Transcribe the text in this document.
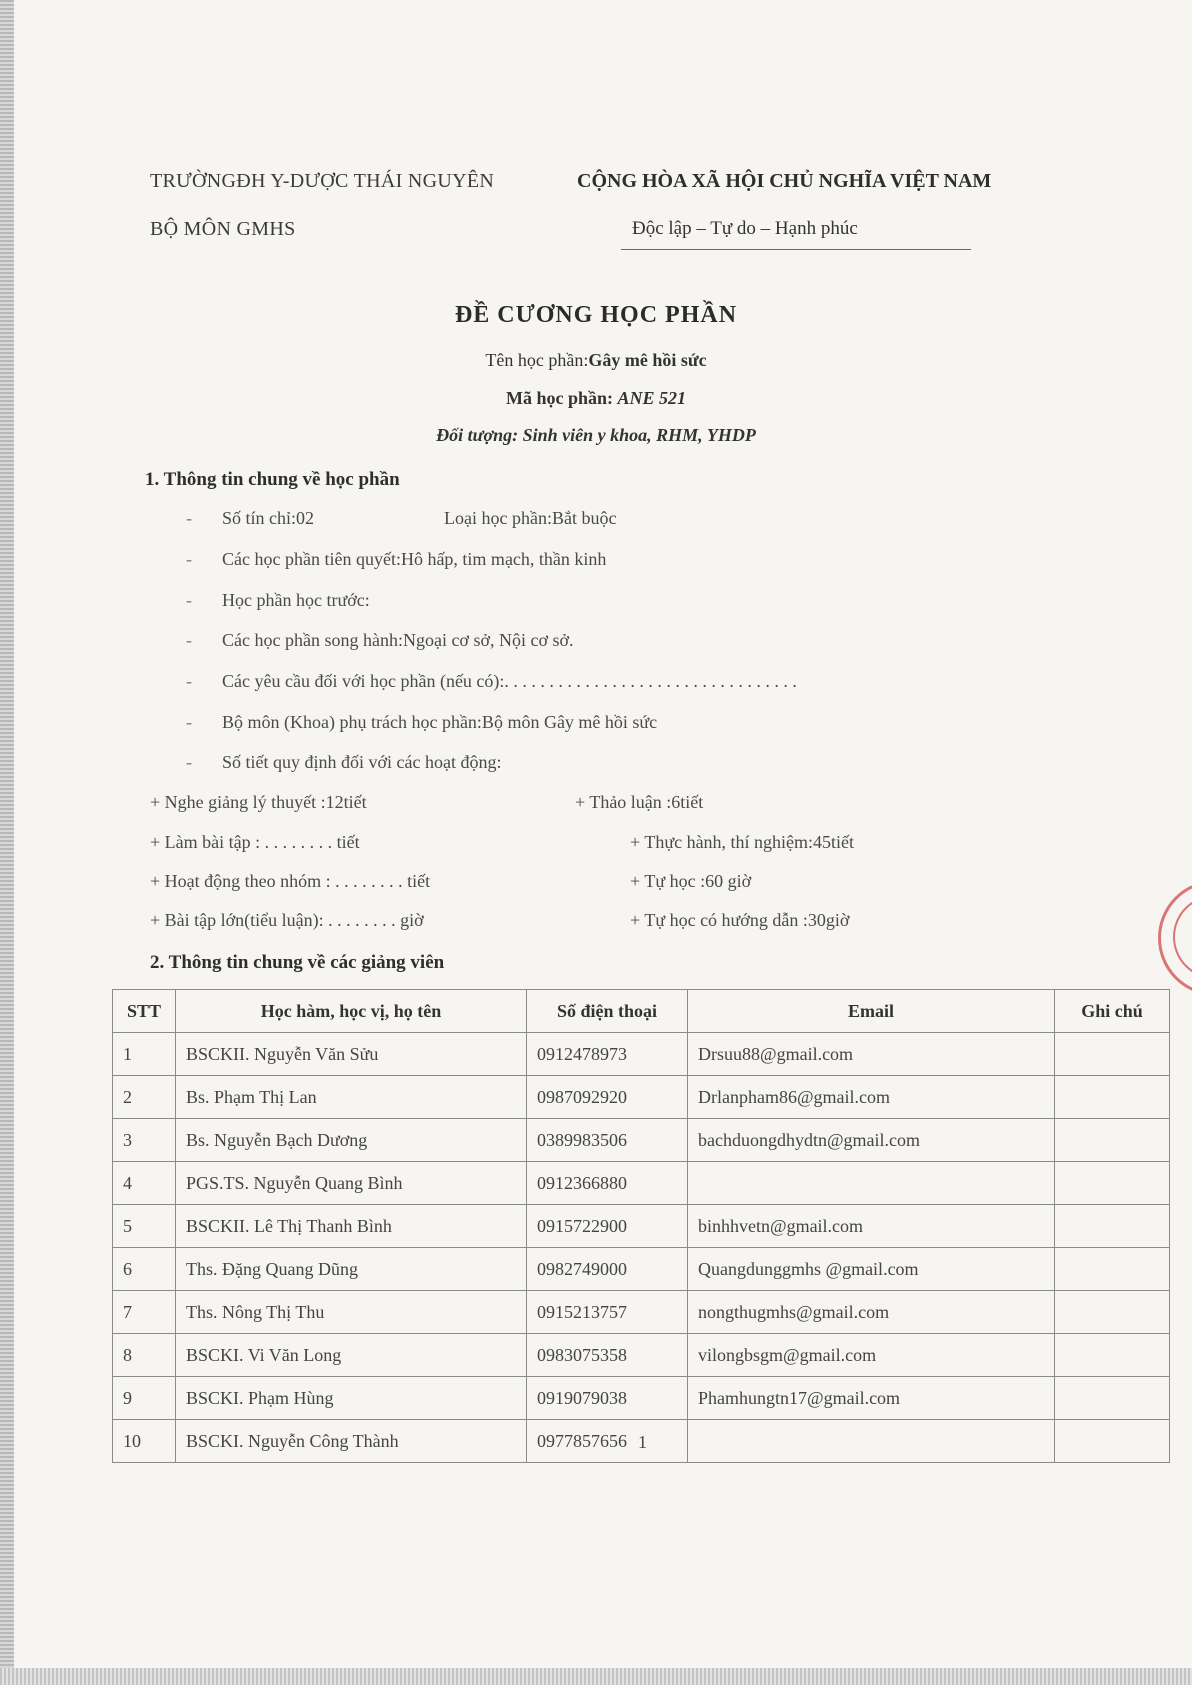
TRƯỜNGĐH Y-DƯỢC THÁI NGUYÊN
BỘ MÔN GMHS
CỘNG HÒA XÃ HỘI CHỦ NGHĨA VIỆT NAM
Độc lập – Tự do – Hạnh phúc
ĐỀ CƯƠNG HỌC PHẦN
Tên học phần:Gây mê hồi sức
Mã học phần: ANE 521
Đối tượng: Sinh viên y khoa, RHM, YHDP
1. Thông tin chung về học phần
- Số tín chỉ:02	Loại học phần:Bắt buộc
- Các học phần tiên quyết:Hô hấp, tim mạch, thần kinh
- Học phần học trước:
- Các học phần song hành:Ngoại cơ sở, Nội cơ sở.
- Các yêu cầu đối với học phần (nếu có):. . . . . . . . . . . . . . . . . . . . . . . . . . . . . . . . .
- Bộ môn (Khoa) phụ trách học phần:Bộ môn Gây mê hồi sức
- Số tiết quy định đối với các hoạt động:
+ Nghe giảng lý thuyết :12tiết	+ Thảo luận :6tiết
+ Làm bài tập : . . . . . . . . tiết	+ Thực hành, thí nghiệm:45tiết
+ Hoạt động theo nhóm : . . . . . . . . tiết	+ Tự học :60 giờ
+ Bài tập lớn(tiểu luận): . . . . . . . . giờ	+ Tự học có hướng dẫn :30giờ
2. Thông tin chung về các giảng viên
STT	Học hàm, học vị, họ tên	Số điện thoại	Email	Ghi chú
1	BSCKII. Nguyễn Văn Sửu	0912478973	Drsuu88@gmail.com	
2	Bs. Phạm Thị Lan	0987092920	Drlanpham86@gmail.com	
3	Bs. Nguyễn Bạch Dương	0389983506	bachduongdhydtn@gmail.com	
4	PGS.TS. Nguyễn Quang Bình	0912366880		
5	BSCKII. Lê Thị Thanh Bình	0915722900	binhhvetn@gmail.com	
6	Ths. Đặng Quang Dũng	0982749000	Quangdunggmhs @gmail.com	
7	Ths. Nông Thị Thu	0915213757	nongthugmhs@gmail.com	
8	BSCKI. Vi Văn Long	0983075358	vilongbsgm@gmail.com	
9	BSCKI. Phạm Hùng	0919079038	Phamhungtn17@gmail.com	
10	BSCKI. Nguyễn Công Thành	0977857656		1
